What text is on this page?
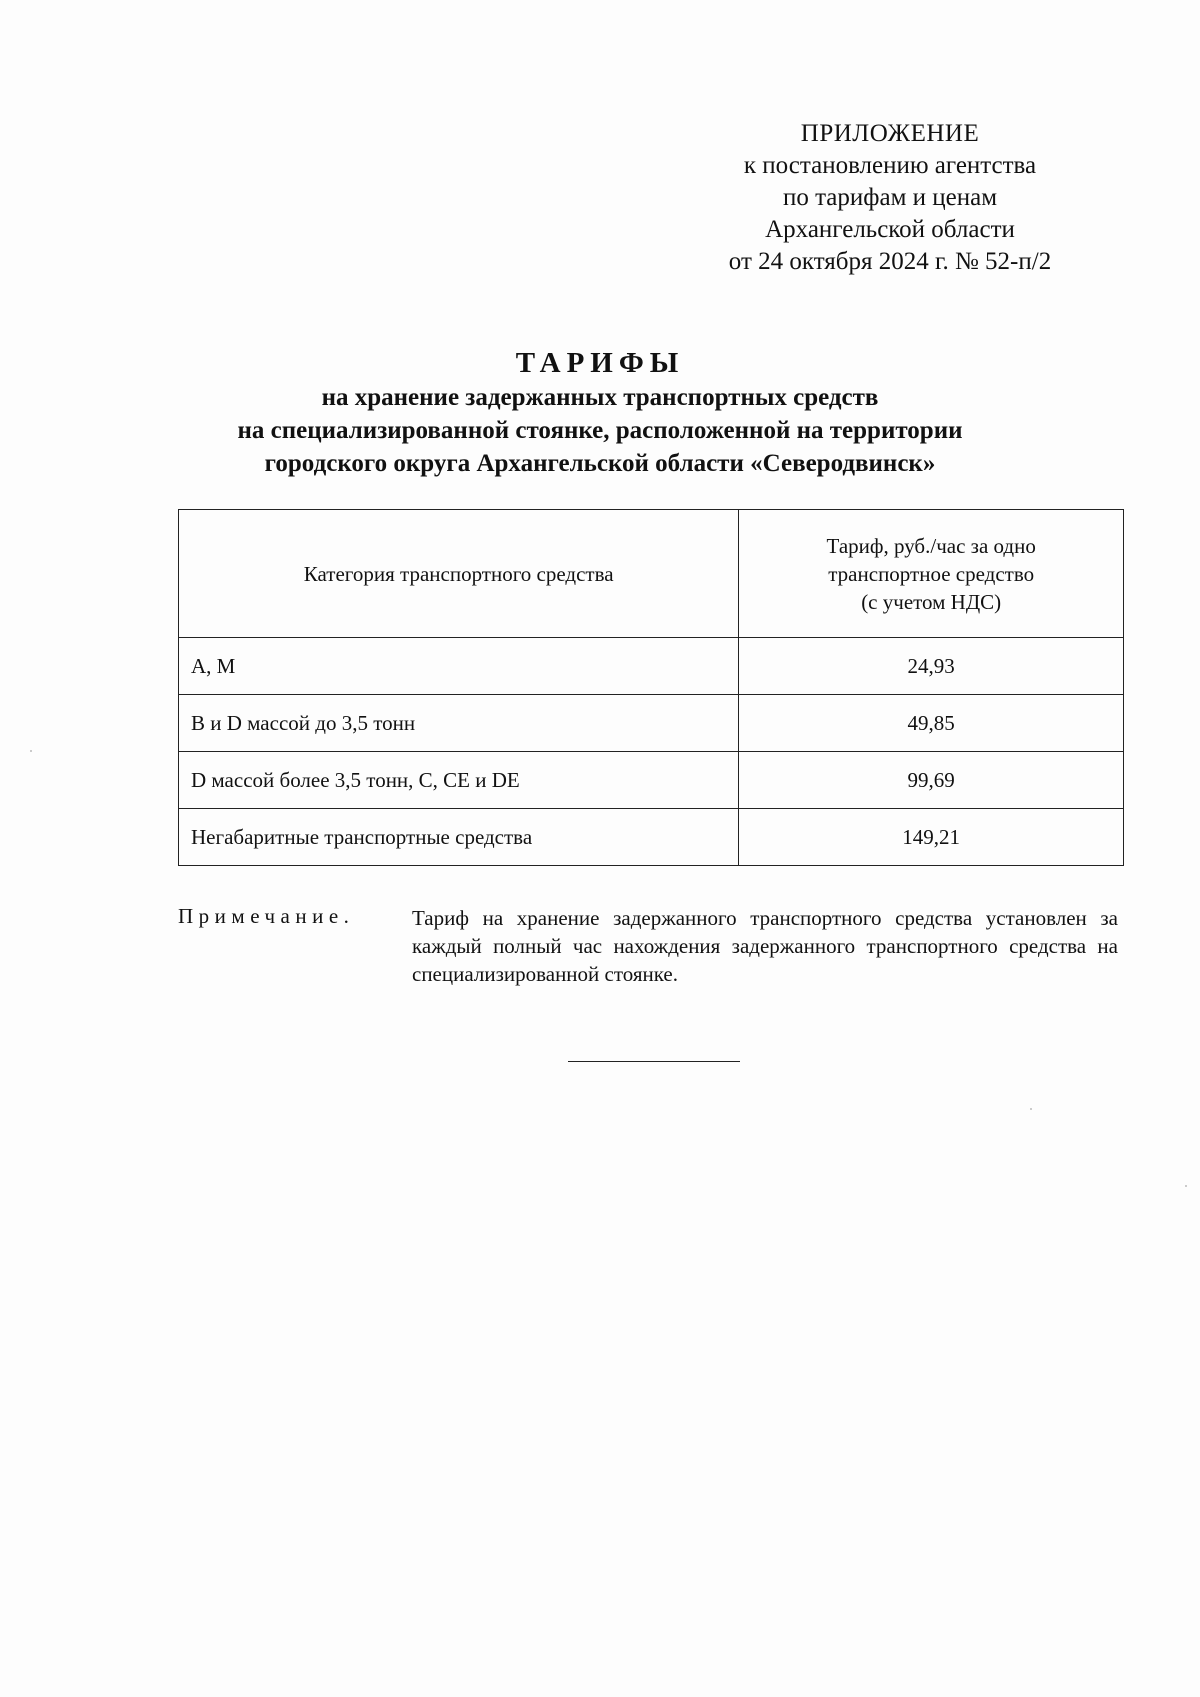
ПРИЛОЖЕНИЕ
к постановлению агентства
по тарифам и ценам
Архангельской области
от 24 октября 2024 г. № 52-п/2
ТАРИФЫ
на хранение задержанных транспортных средств
на специализированной стоянке, расположенной на территории
городского округа Архангельской области «Северодвинск»
Категория транспортного средства	Тариф, руб./час за одно
транспортное средство
(с учетом НДС)

A, M	24,93
B и D массой до 3,5 тонн	49,85
D массой более 3,5 тонн, C, CE и DE	99,69
Негабаритные транспортные средства	149,21
Примечание.	Тариф на хранение задержанного транспортного средства установлен за каждый полный час нахождения задержанного транспортного средства на специализированной стоянке.
